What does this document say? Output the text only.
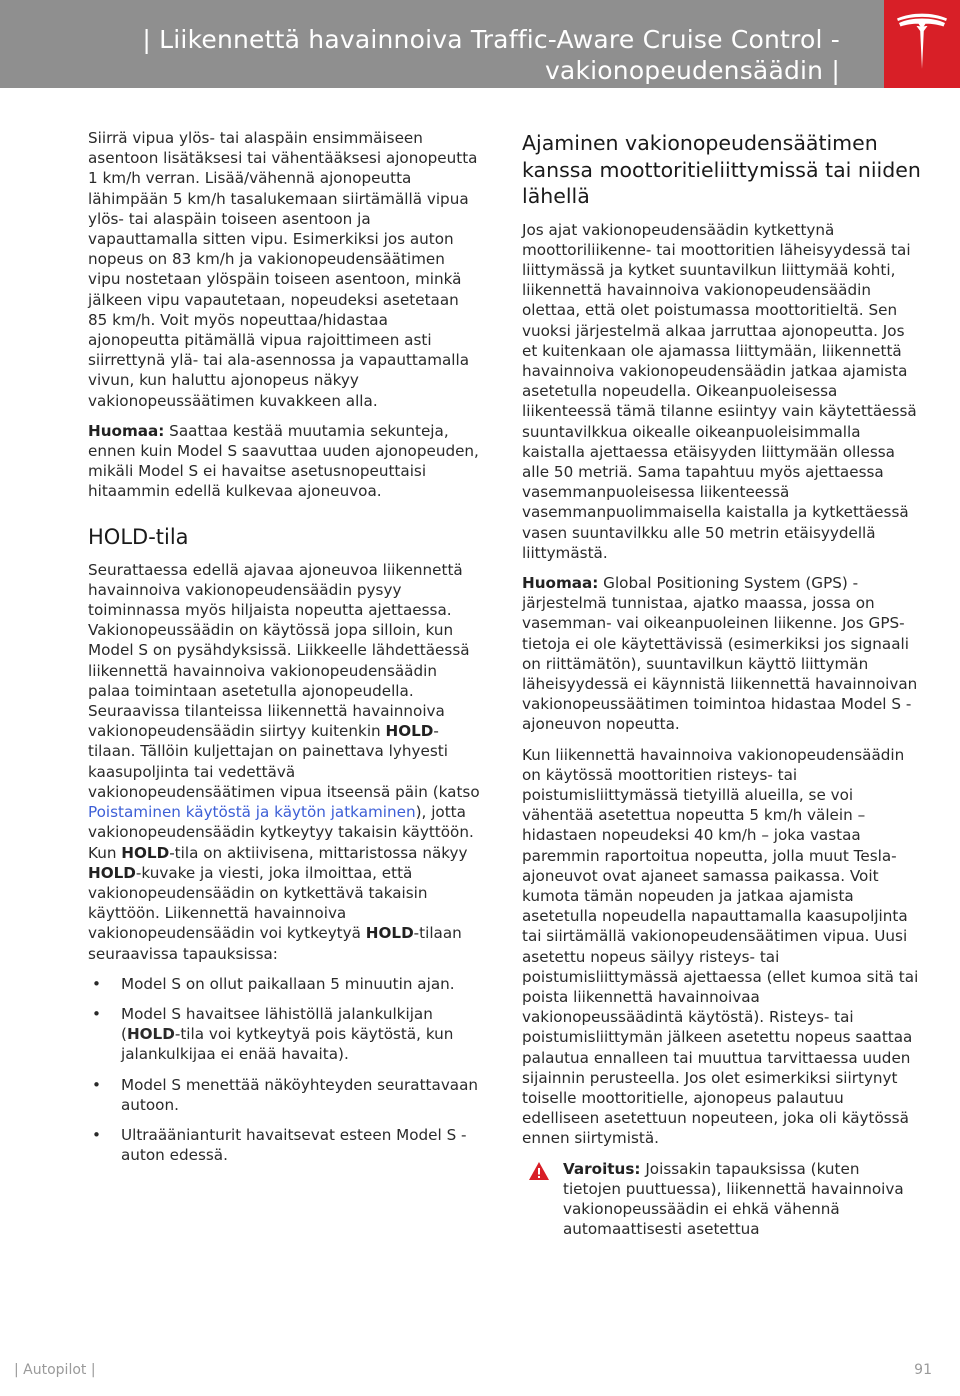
| Liikennettä havainnoiva Traffic-Aware Cruise Control -
vakionopeudensäädin |

Siirrä vipua ylös- tai alaspäin ensimmäiseen asentoon lisätäksesi tai vähentääksesi ajonopeutta 1 km/h verran. Lisää/vähennä ajonopeutta lähimpään 5 km/h tasalukemaan siirtämällä vipua ylös- tai alaspäin toiseen asentoon ja vapauttamalla sitten vipu. Esimerkiksi jos auton nopeus on 83 km/h ja vakionopeudensäätimen vipu nostetaan ylöspäin toiseen asentoon, minkä jälkeen vipu vapautetaan, nopeudeksi asetetaan 85 km/h. Voit myös nopeuttaa/hidastaa ajonopeutta pitämällä vipua rajoittimeen asti siirrettynä ylä- tai ala-asennossa ja vapauttamalla vivun, kun haluttu ajonopeus näkyy vakionopeussäätimen kuvakkeen alla.

Huomaa: Saattaa kestää muutamia sekunteja, ennen kuin Model S saavuttaa uuden ajonopeuden, mikäli Model S ei havaitse asetusnopeuttaisi hitaammin edellä kulkevaa ajoneuvoa.

HOLD-tila

Seurattaessa edellä ajavaa ajoneuvoa liikennettä havainnoiva vakionopeudensäädin pysyy toiminnassa myös hiljaista nopeutta ajettaessa. Vakionopeussäädin on käytössä jopa silloin, kun Model S on pysähdyksissä. Liikkeelle lähdettäessä liikennettä havainnoiva vakionopeudensäädin palaa toimintaan asetetulla ajonopeudella. Seuraavissa tilanteissa liikennettä havainnoiva vakionopeudensäädin siirtyy kuitenkin HOLD-tilaan. Tällöin kuljettajan on painettava lyhyesti kaasupoljinta tai vedettävä vakionopeudensäätimen vipua itseensä päin (katso Poistaminen käytöstä ja käytön jatkaminen), jotta vakionopeudensäädin kytkeytyy takaisin käyttöön. Kun HOLD-tila on aktiivisena, mittaristossa näkyy HOLD-kuvake ja viesti, joka ilmoittaa, että vakionopeudensäädin on kytkettävä takaisin käyttöön. Liikennettä havainnoiva vakionopeudensäädin voi kytkeytyä HOLD-tilaan seuraavissa tapauksissa:

• Model S on ollut paikallaan 5 minuutin ajan.
• Model S havaitsee lähistöllä jalankulkijan (HOLD-tila voi kytkeytyä pois käytöstä, kun jalankulkijaa ei enää havaita).
• Model S menettää näköyhteyden seurattavaan autoon.
• Ultraäänianturit havaitsevat esteen Model S -auton edessä.
Ajaminen vakionopeudensäätimen kanssa moottoritieliittymissä tai niiden lähellä

Jos ajat vakionopeudensäädin kytkettynä moottoriliikenne- tai moottoritien läheisyydessä tai liittymässä ja kytket suuntavilkun liittymää kohti, liikennettä havainnoiva vakionopeudensäädin olettaa, että olet poistumassa moottoritieltä. Sen vuoksi järjestelmä alkaa jarruttaa ajonopeutta. Jos et kuitenkaan ole ajamassa liittymään, liikennettä havainnoiva vakionopeudensäädin jatkaa ajamista asetetulla nopeudella. Oikeanpuoleisessa liikenteessä tämä tilanne esiintyy vain käytettäessä suuntavilkkua oikealle oikeanpuoleisimmalla kaistalla ajettaessa etäisyyden liittymään ollessa alle 50 metriä. Sama tapahtuu myös ajettaessa vasemmanpuoleisessa liikenteessä vasemmanpuolimmaisella kaistalla ja kytkettäessä vasen suuntavilkku alle 50 metrin etäisyydellä liittymästä.

Huomaa: Global Positioning System (GPS) -järjestelmä tunnistaa, ajatko maassa, jossa on vasemman- vai oikeanpuoleinen liikenne. Jos GPS-tietoja ei ole käytettävissä (esimerkiksi jos signaali on riittämätön), suuntavilkun käyttö liittymän läheisyydessä ei käynnistä liikennettä havainnoivan vakionopeussäätimen toimintoa hidastaa Model S -ajoneuvon nopeutta.

Kun liikennettä havainnoiva vakionopeudensäädin on käytössä moottoritien risteys- tai poistumisliittymässä tietyillä alueilla, se voi vähentää asetettua nopeutta 5 km/h välein – hidastaen nopeudeksi 40 km/h – joka vastaa paremmin raportoitua nopeutta, jolla muut Tesla-ajoneuvot ovat ajaneet samassa paikassa. Voit kumota tämän nopeuden ja jatkaa ajamista asetetulla nopeudella napauttamalla kaasupoljinta tai siirtämällä vakionopeudensäätimen vipua. Uusi asetettu nopeus säilyy risteys- tai poistumisliittymässä ajettaessa (ellet kumoa sitä tai poista liikennettä havainnoivaa vakionopeussäädintä käytöstä). Risteys- tai poistumisliittymän jälkeen asetettu nopeus saattaa palautua ennalleen tai muuttua tarvittaessa uuden sijainnin perusteella. Jos olet esimerkiksi siirtynyt toiselle moottoritielle, ajonopeus palautuu edelliseen asetettuun nopeuteen, joka oli käytössä ennen siirtymistä.

Varoitus: Joissakin tapauksissa (kuten tietojen puuttuessa), liikennettä havainnoiva vakionopeussäädin ei ehkä vähennä automaattisesti asetettua

| Autopilot |	91
